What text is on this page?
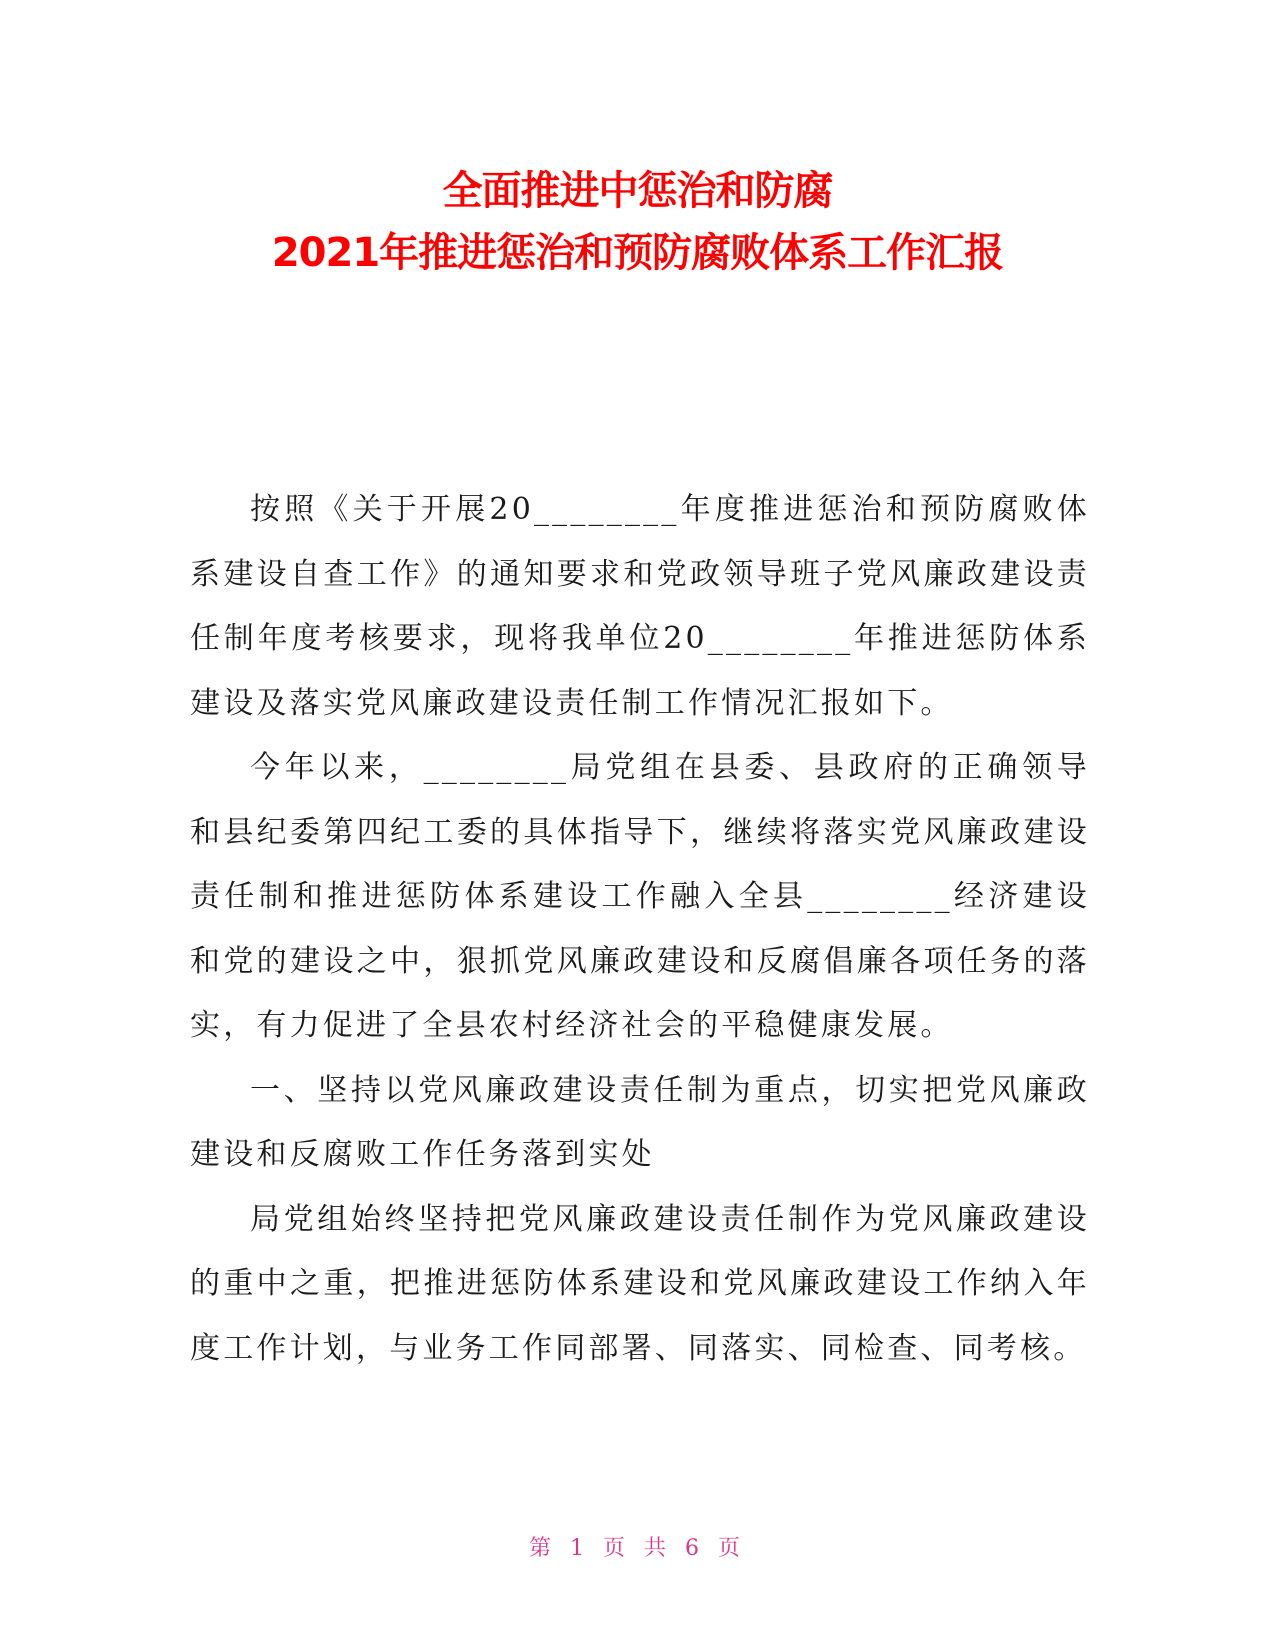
全面推进中惩治和防腐
2021年推进惩治和预防腐败体系工作汇报

按照《关于开展20________年度推进惩治和预防腐败体系建设自查工作》的通知要求和党政领导班子党风廉政建设责任制年度考核要求，现将我单位20________年推进惩防体系建设及落实党风廉政建设责任制工作情况汇报如下。

今年以来，________局党组在县委、县政府的正确领导和县纪委第四纪工委的具体指导下，继续将落实党风廉政建设责任制和推进惩防体系建设工作融入全县________经济建设和党的建设之中，狠抓党风廉政建设和反腐倡廉各项任务的落实，有力促进了全县农村经济社会的平稳健康发展。

一、坚持以党风廉政建设责任制为重点，切实把党风廉政建设和反腐败工作任务落到实处

局党组始终坚持把党风廉政建设责任制作为党风廉政建设的重中之重，把推进惩防体系建设和党风廉政建设工作纳入年度工作计划，与业务工作同部署、同落实、同检查、同考核。

第 1 页 共 6 页
